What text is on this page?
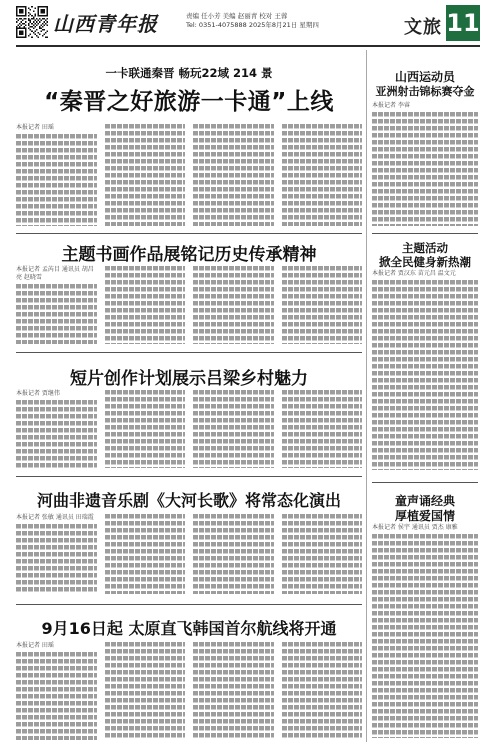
山西青年报	责编 任小芳 美编 赵丽青 校对 王蓉
Tel: 0351-4075888 2025年8月21日 星期四	文旅 11
一卡联通秦晋 畅玩22域 214 景
“秦晋之好旅游一卡通”上线
本报记者 田瑶
主题书画作品展铭记历史传承精神
本报记者 孟芮目 通讯员 胡昌亮 赵晓雪
短片创作计划展示吕梁乡村魅力
本报记者 贾继伟
河曲非遗音乐剧《大河长歌》将常态化演出
本报记者 张敏 通讯员 田瑞霞
9月16日起 太原直飞韩国首尔航线将开通
本报记者 田瑶
山西运动员
亚洲射击锦标赛夺金
本报记者 李睿
主题活动
掀全民健身新热潮
本报记者 贾汉东 苗元昌 温文元
童声诵经典
厚植爱国情
本报记者 侯宇 通讯员 贾杰 康雅
